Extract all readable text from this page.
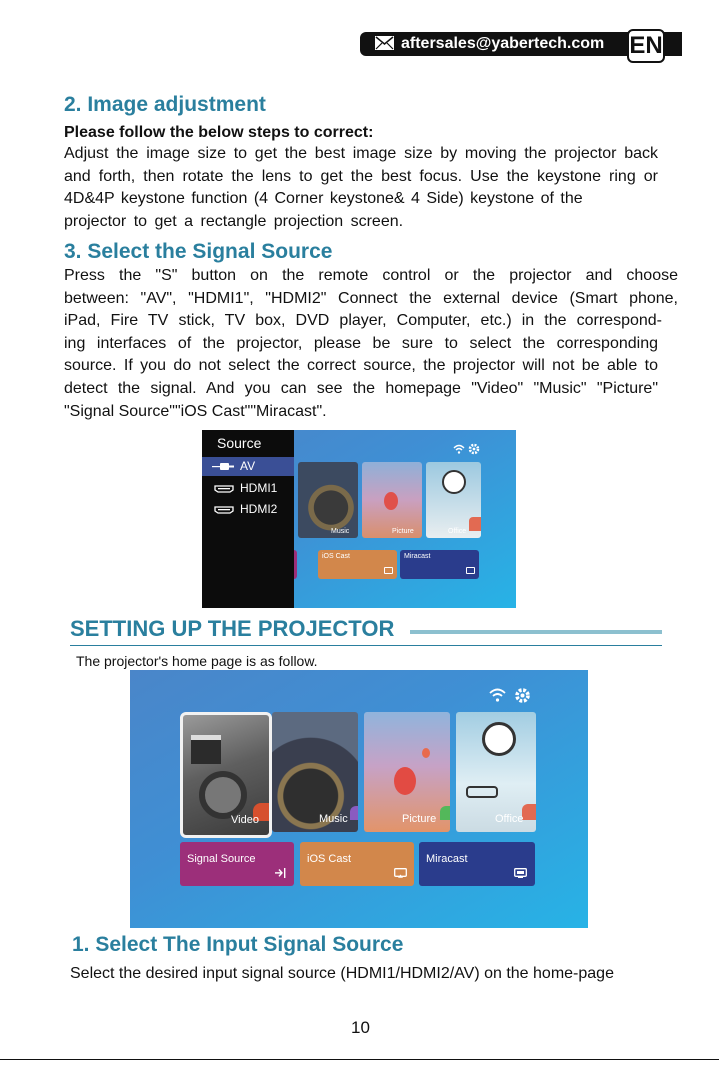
aftersales@yabertech.com EN
2. Image adjustment
Please follow the below steps to correct:

Adjust the image size to get the best image size by moving the projector back

and forth, then rotate the lens to get the best focus. Use the keystone ring or

4D&4P keystone function (4 Corner keystone& 4 Side) keystone of the

projector to get a rectangle projection screen.

3. Select the Signal Source

Press the "S" button on the remote control or the projector and choose

between: "AV", "HDMI1", "HDMI2" Connect the external device (Smart phone,

iPad, Fire TV stick, TV box, DVD player, Computer, etc.) in the correspond-

ing interfaces of the projector, please be sure to select the corresponding

source. If you do not select the correct source, the projector will not be able to

detect the signal. And you can see the homepage "Video" "Music" "Picture"

"Signal Source""iOS Cast""Miracast".

Music	Picture	Office
iOS Cast	Miracast
Source
AV
HDMI1
HDMI2
SETTING UP THE PROJECTOR
The projector's home page is as follow.
Video	Music	Picture	Office
Signal Source	iOS Cast	Miracast
1. Select The Input Signal Source
Select the desired input signal source (HDMI1/HDMI2/AV) on the home-page
10
